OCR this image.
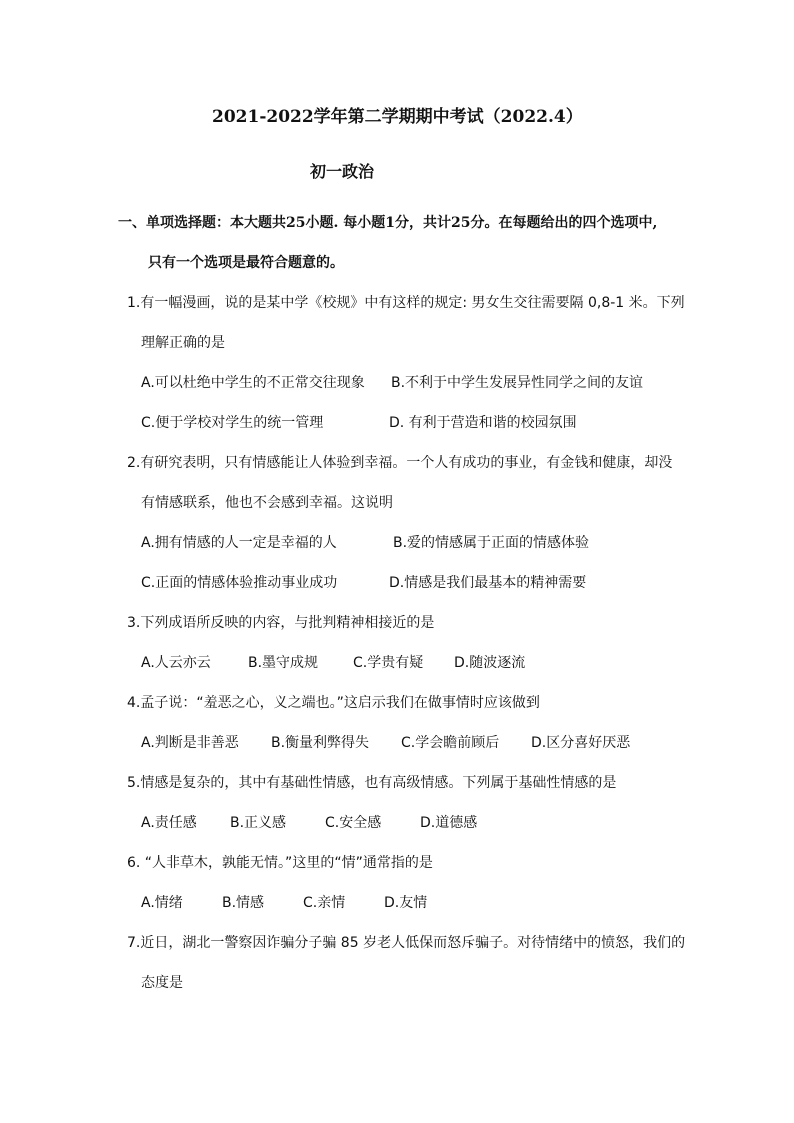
2021-2022学年第二学期期中考试（2022.4）
初一政治
一、单项选择题：本大题共25小题. 每小题1分，共计25分。在每题给出的四个选项中,
只有一个选项是最符合题意的。
1.有一幅漫画，说的是某中学《校规》中有这样的规定: 男女生交往需要隔 0,8-1 米。下列
理解正确的是
A.可以杜绝中学生的不正常交往现象 B.不利于中学生发展异性同学之间的友谊
C.便于学校对学生的统一管理	D. 有利于营造和谐的校园氛围
2.有研究表明，只有情感能让人体验到幸福。一个人有成功的事业，有金钱和健康，却没
有情感联系，他也不会感到幸福。这说明
A.拥有情感的人一定是幸福的人	B.爱的情感属于正面的情感体验
C.正面的情感体验推动事业成功	D.情感是我们最基本的精神需要
3.下列成语所反映的内容，与批判精神相接近的是
A.人云亦云	B.墨守成规 C.学贵有疑 D.随波逐流
4.孟子说：“羞恶之心，义之端也。”这启示我们在做事情时应该做到
A.判断是非善恶 B.衡量利弊得失 C.学会瞻前顾后 D.区分喜好厌恶
5.情感是复杂的，其中有基础性情感，也有高级情感。下列属于基础性情感的是
A.责任感 B.正义感	C.安全感	D.道德感
6. “人非草木，孰能无情。”这里的“情”通常指的是
A.情绪	B.情感	C.亲情	D.友情
7.近日，湖北一警察因诈骗分子骗 85 岁老人低保而怒斥骗子。对待情绪中的愤怒，我们的
态度是
